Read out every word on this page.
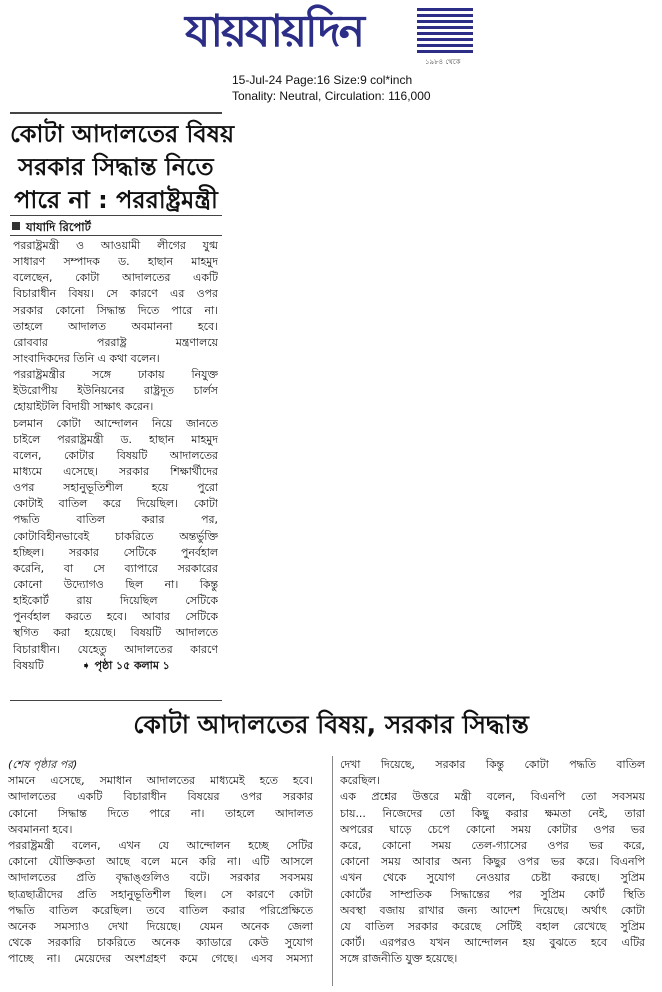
যায়যায়দিন
১৯৮৪ থেকে
15-Jul-24 Page:16 Size:9 col*inch
Tonality: Neutral, Circulation: 116,000
কোটা আদালতের বিষয়
সরকার সিদ্ধান্ত নিতে
পারে না : পররাষ্ট্রমন্ত্রী
যাযাদি রিপোর্ট
পররাষ্ট্রমন্ত্রী ও আওয়ামী লীগের যুগ্ম
সাধারণ সম্পাদক ড. হাছান মাহমুদ
বলেছেন, কোটা আদালতের একটি
বিচারাধীন বিষয়। সে কারণে এর ওপর
সরকার কোনো সিদ্ধান্ত দিতে পারে না।
তাহলে আদালত অবমাননা হবে।
রোববার পররাষ্ট্র মন্ত্রণালয়ে
সাংবাদিকদের তিনি এ কথা বলেন।
পররাষ্ট্রমন্ত্রীর সঙ্গে ঢাকায় নিযুক্ত
ইউরোপীয় ইউনিয়নের রাষ্ট্রদূত চার্লস
হোয়াইটলি বিদায়ী সাক্ষাৎ করেন।
চলমান কোটা আন্দোলন নিয়ে জানতে
চাইলে পররাষ্ট্রমন্ত্রী ড. হাছান মাহমুদ
বলেন, কোটার বিষয়টি আদালতের
মাধ্যমে এসেছে। সরকার শিক্ষার্থীদের
ওপর সহানুভূতিশীল হয়ে পুরো
কোটাই বাতিল করে দিয়েছিল। কোটা
পদ্ধতি বাতিল করার পর,
কোটাবিহীনভাবেই চাকরিতে অন্তর্ভুক্তি
হচ্ছিল। সরকার সেটিকে পুনর্বহাল
করেনি, বা সে ব্যাপারে সরকারের
কোনো উদ্যোগও ছিল না। কিন্তু
হাইকোর্ট রায় দিয়েছিল সেটিকে
পুনর্বহাল করতে হবে। আবার সেটিকে
স্থগিত করা হয়েছে। বিষয়টি আদালতে
বিচারাধীন। যেহেতু আদালতের কারণে
বিষয়টি	➧ পৃষ্ঠা ১৫ কলাম ১
কোটা আদালতের বিষয়, সরকার সিদ্ধান্ত
(শেষ পৃষ্ঠার পর)
সামনে এসেছে, সমাধান আদালতের মাধ্যমেই হতে হবে।
আদালতের একটি বিচারাধীন বিষয়ের ওপর সরকার
কোনো সিদ্ধান্ত দিতে পারে না। তাহলে আদালত
অবমাননা হবে।
পররাষ্ট্রমন্ত্রী বলেন, এখন যে আন্দোলন হচ্ছে সেটির
কোনো যৌক্তিকতা আছে বলে মনে করি না। এটি আসলে
আদালতের প্রতি বৃদ্ধাঙ্গুলিও বটে। সরকার সবসময়
ছাত্রছাত্রীদের প্রতি সহানুভূতিশীল ছিল। সে কারণে কোটা
পদ্ধতি বাতিল করেছিল। তবে বাতিল করার পরিপ্রেক্ষিতে
অনেক সমস্যাও দেখা দিয়েছে। যেমন অনেক জেলা
থেকে সরকারি চাকরিতে অনেক ক্যাডারে কেউ সুযোগ
পাচ্ছে না। মেয়েদের অংশগ্রহণ কমে গেছে। এসব সমস্যা
দেখা দিয়েছে, সরকার কিন্তু কোটা পদ্ধতি বাতিল
করেছিল।
এক প্রশ্নের উত্তরে মন্ত্রী বলেন, বিএনপি তো সবসময়
চায়... নিজেদের তো কিছু করার ক্ষমতা নেই, তারা
অপরের ঘাড়ে চেপে কোনো সময় কোটার ওপর ভর
করে, কোনো সময় তেল-গ্যাসের ওপর ভর করে,
কোনো সময় আবার অন্য কিছুর ওপর ভর করে। বিএনপি
এখন থেকে সুযোগ নেওয়ার চেষ্টা করছে। সুপ্রিম
কোর্টের সাম্প্রতিক সিদ্ধান্তের পর সুপ্রিম কোর্ট স্থিতি
অবস্থা বজায় রাখার জন্য আদেশ দিয়েছে। অর্থাৎ কোটা
যে বাতিল সরকার করেছে সেটিই বহাল রেখেছে সুপ্রিম
কোর্ট। এরপরও যখন আন্দোলন হয় বুঝতে হবে এটির
সঙ্গে রাজনীতি যুক্ত হয়েছে।
